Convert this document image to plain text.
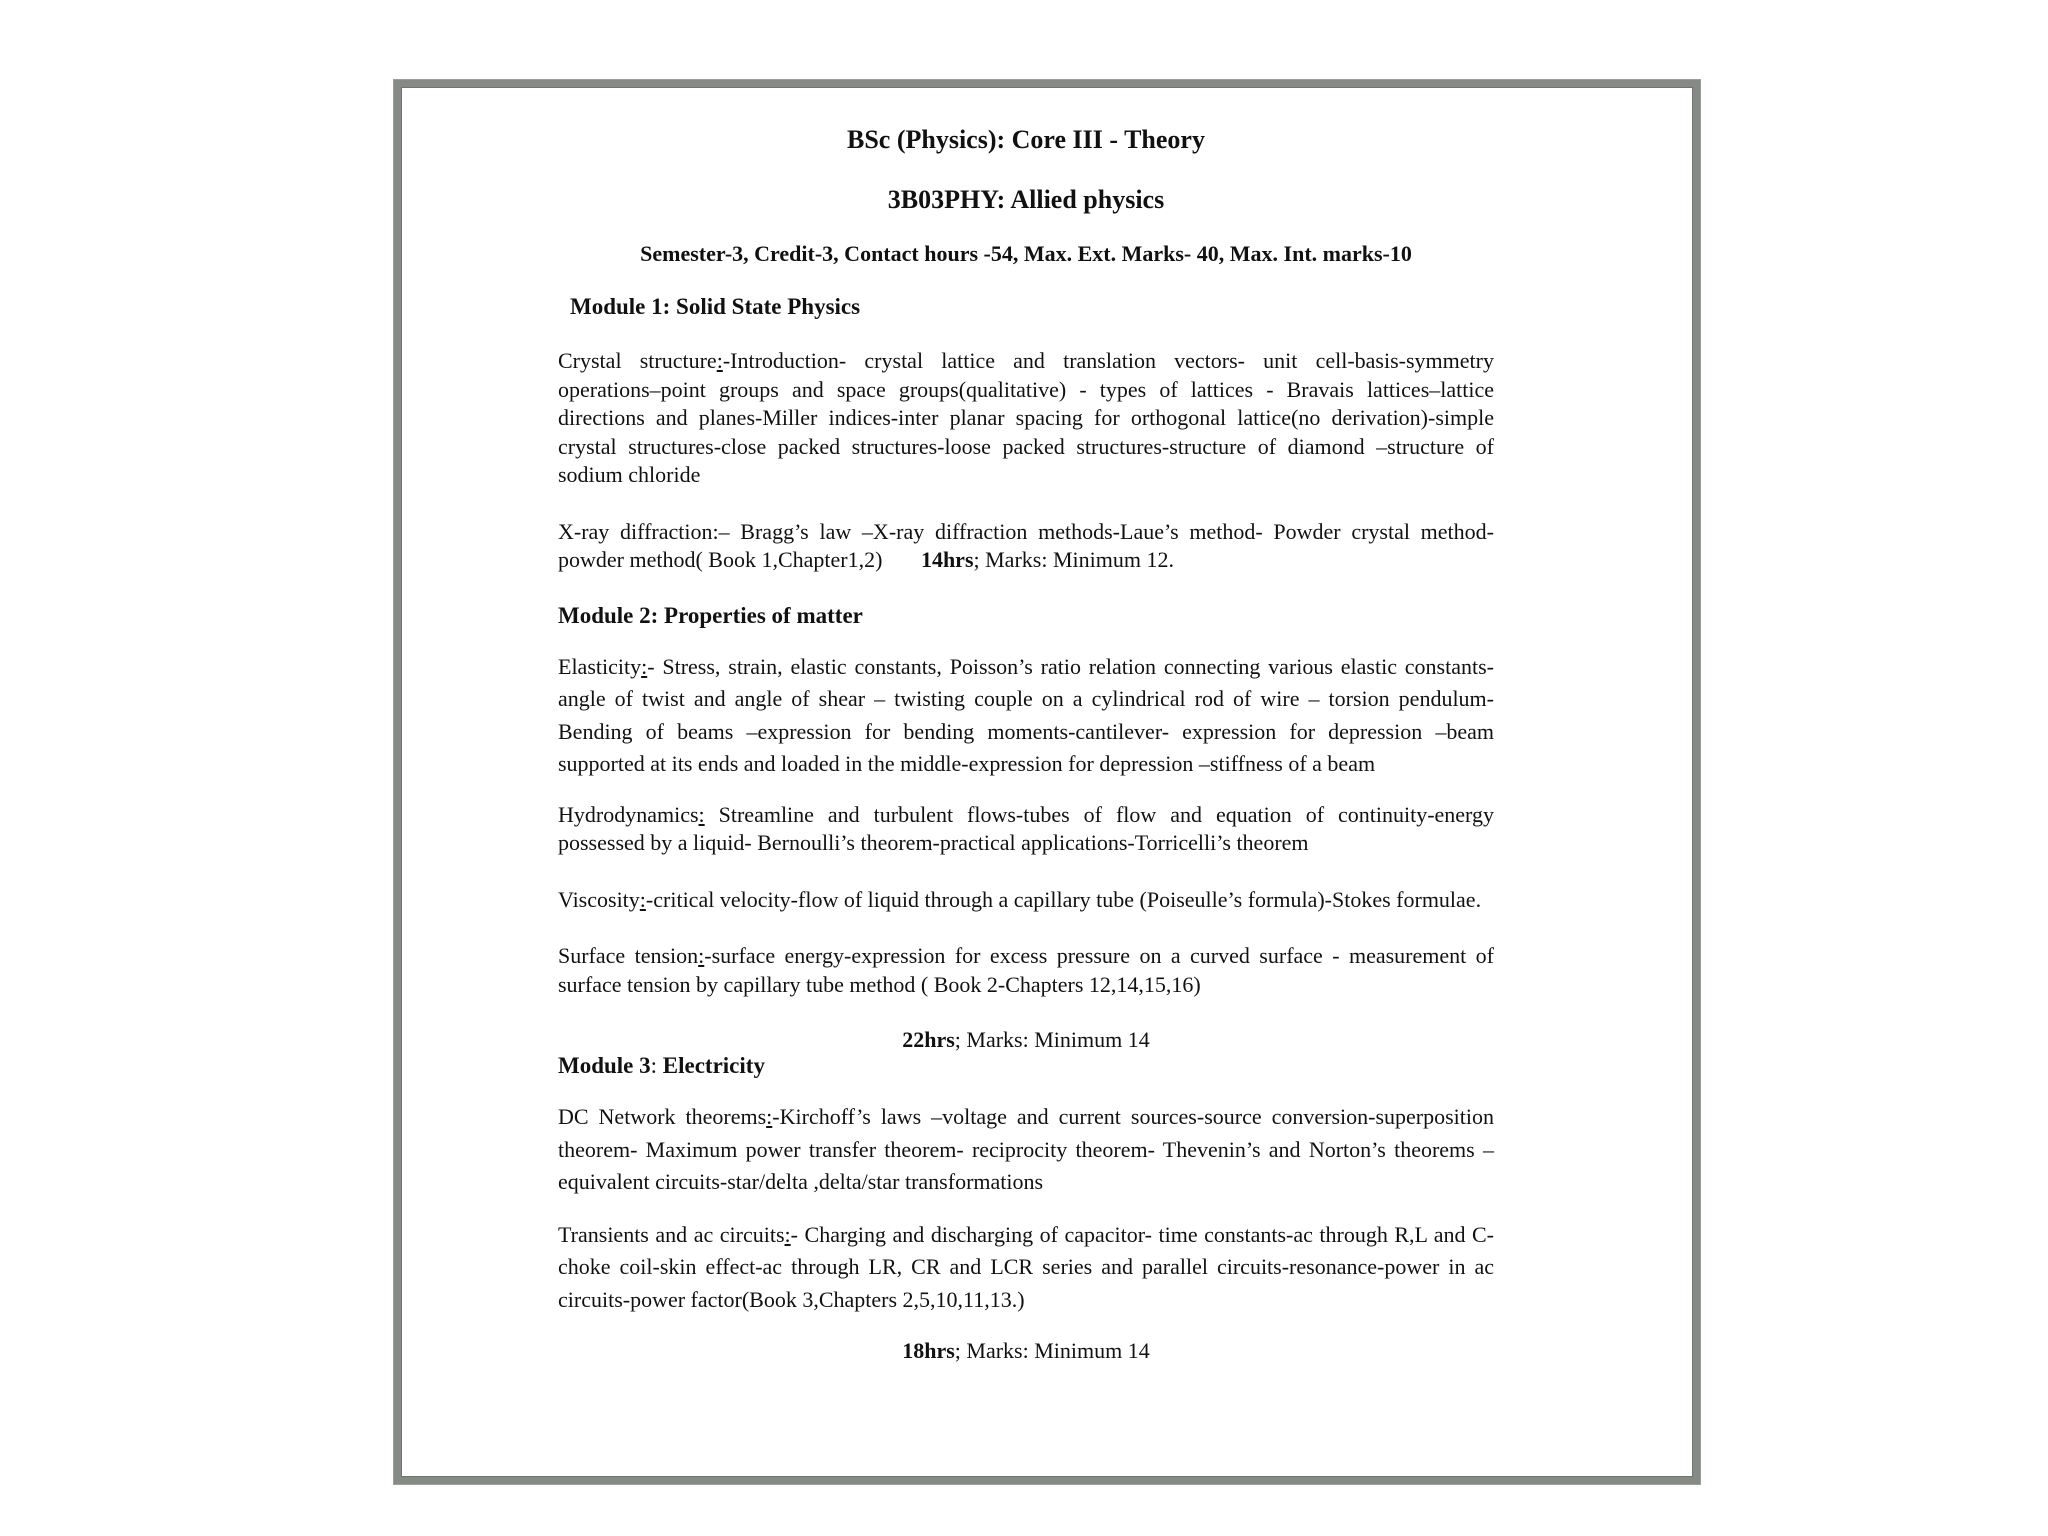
BSc (Physics): Core III - Theory
3B03PHY: Allied physics
Semester-3, Credit-3, Contact hours -54, Max. Ext. Marks- 40, Max. Int. marks-10
Module 1: Solid State Physics

Crystal structure:-Introduction- crystal lattice and translation vectors- unit cell-basis-symmetry operations–point groups and space groups(qualitative) - types of lattices - Bravais lattices–lattice directions and planes-Miller indices-inter planar spacing for orthogonal lattice(no derivation)-simple crystal structures-close packed structures-loose packed structures-structure of diamond –structure of sodium chloride

X-ray diffraction:– Bragg’s law –X-ray diffraction methods-Laue’s method- Powder crystal method- powder method( Book 1,Chapter1,2) 14hrs; Marks: Minimum 12.

Module 2: Properties of matter

Elasticity:- Stress, strain, elastic constants, Poisson’s ratio relation connecting various elastic constants- angle of twist and angle of shear – twisting couple on a cylindrical rod of wire – torsion pendulum- Bending of beams –expression for bending moments-cantilever- expression for depression –beam supported at its ends and loaded in the middle-expression for depression –stiffness of a beam

Hydrodynamics: Streamline and turbulent flows-tubes of flow and equation of continuity-energy possessed by a liquid- Bernoulli’s theorem-practical applications-Torricelli’s theorem

Viscosity:-critical velocity-flow of liquid through a capillary tube (Poiseulle’s formula)-Stokes formulae.

Surface tension:-surface energy-expression for excess pressure on a curved surface - measurement of surface tension by capillary tube method ( Book 2-Chapters 12,14,15,16)

22hrs; Marks: Minimum 14
Module 3: Electricity

DC Network theorems:-Kirchoff’s laws –voltage and current sources-source conversion-superposition theorem- Maximum power transfer theorem- reciprocity theorem- Thevenin’s and Norton’s theorems –equivalent circuits-star/delta ,delta/star transformations

Transients and ac circuits:- Charging and discharging of capacitor- time constants-ac through R,L and C-choke coil-skin effect-ac through LR, CR and LCR series and parallel circuits-resonance-power in ac circuits-power factor(Book 3,Chapters 2,5,10,11,13.)

18hrs; Marks: Minimum 14
